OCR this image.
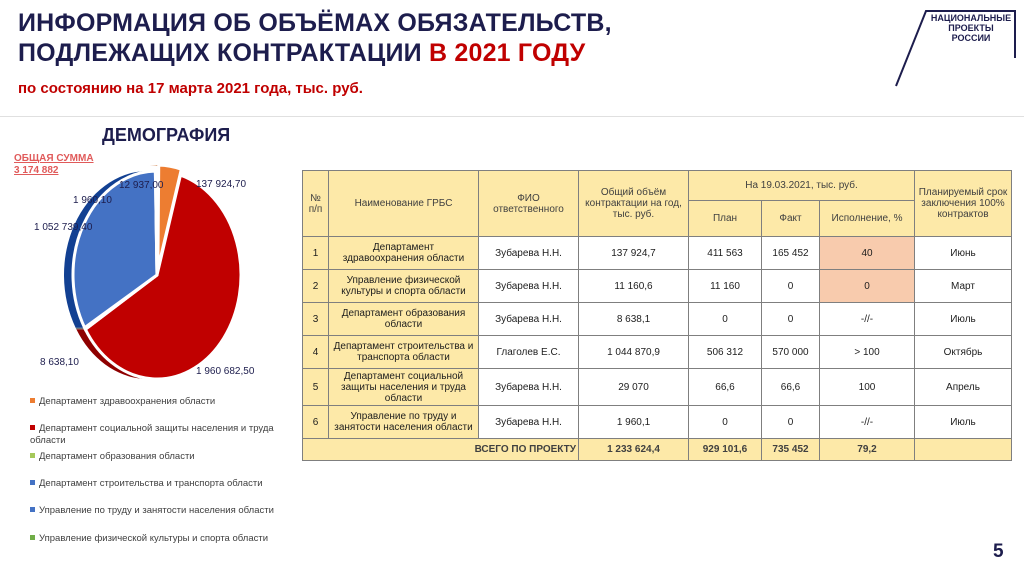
ИНФОРМАЦИЯ ОБ ОБЪЁМАХ ОБЯЗАТЕЛЬСТВ,
ПОДЛЕЖАЩИХ КОНТРАКТАЦИИ В 2021 ГОДУ
по состоянию на 17 марта 2021 года, тыс. руб.
НАЦИОНАЛЬНЫЕ
ПРОЕКТЫ
РОССИИ
ДЕМОГРАФИЯ
ОБЩАЯ СУММА
3 174 882
12 937,00	137 924,70
1 960,10
1 052 739,40
8 638,10
1 960 682,50
Департамент здравоохранения области
Департамент социальной защиты населения и труда области
Департамент образования области
Департамент строительства и транспорта области
Управление по труду и занятости населения области
Управление физической культуры и спорта области
№ п/п	Наименование ГРБС	ФИО ответственного	Общий объём контрактации на год, тыс. руб.	На 19.03.2021, тыс. руб.			Планируемый срок заключения 100% контрактов
				План	Факт	Исполнение, %	
1	Департамент здравоохранения области	Зубарева Н.Н.	137 924,7	411 563	165 452	40	Июнь
2	Управление физической культуры и спорта области	Зубарева Н.Н.	11 160,6	11 160	0	0	Март
3	Департамент образования области	Зубарева Н.Н.	8 638,1	0	0	-//-	Июль
4	Департамент строительства и транспорта области	Глаголев Е.С.	1 044 870,9	506 312	570 000	> 100	Октябрь
5	Департамент социальной защиты населения и труда области	Зубарева Н.Н.	29 070	66,6	66,6	100	Апрель
6	Управление по труду и занятости населения области	Зубарева Н.Н.	1 960,1	0	0	-//-	Июль
ВСЕГО ПО ПРОЕКТУ			1 233 624,4	929 101,6	735 452	79,2	
5
